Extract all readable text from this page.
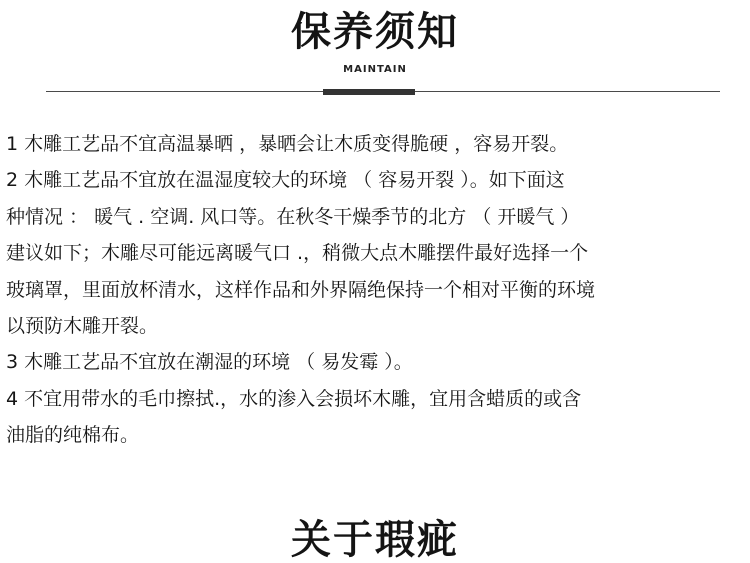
保养须知
MAINTAIN

1 木雕工艺品不宜高温暴晒 ，暴晒会让木质变得脆硬 ，容易开裂。

2 木雕工艺品不宜放在温湿度较大的环境 （ 容易开裂 ）。如下面这
种情况 ： 暖气 . 空调. 风口等。在秋冬干燥季节的北方 （ 开暖气 ）
建议如下；木雕尽可能远离暖气口 .，稍微大点木雕摆件最好选择一个
玻璃罩，里面放杯清水，这样作品和外界隔绝保持一个相对平衡的环境
以预防木雕开裂。

3 木雕工艺品不宜放在潮湿的环境 （ 易发霉 ）。

4 不宜用带水的毛巾擦拭.，水的渗入会损坏木雕，宜用含蜡质的或含
油脂的纯棉布。

关于瑕疵
